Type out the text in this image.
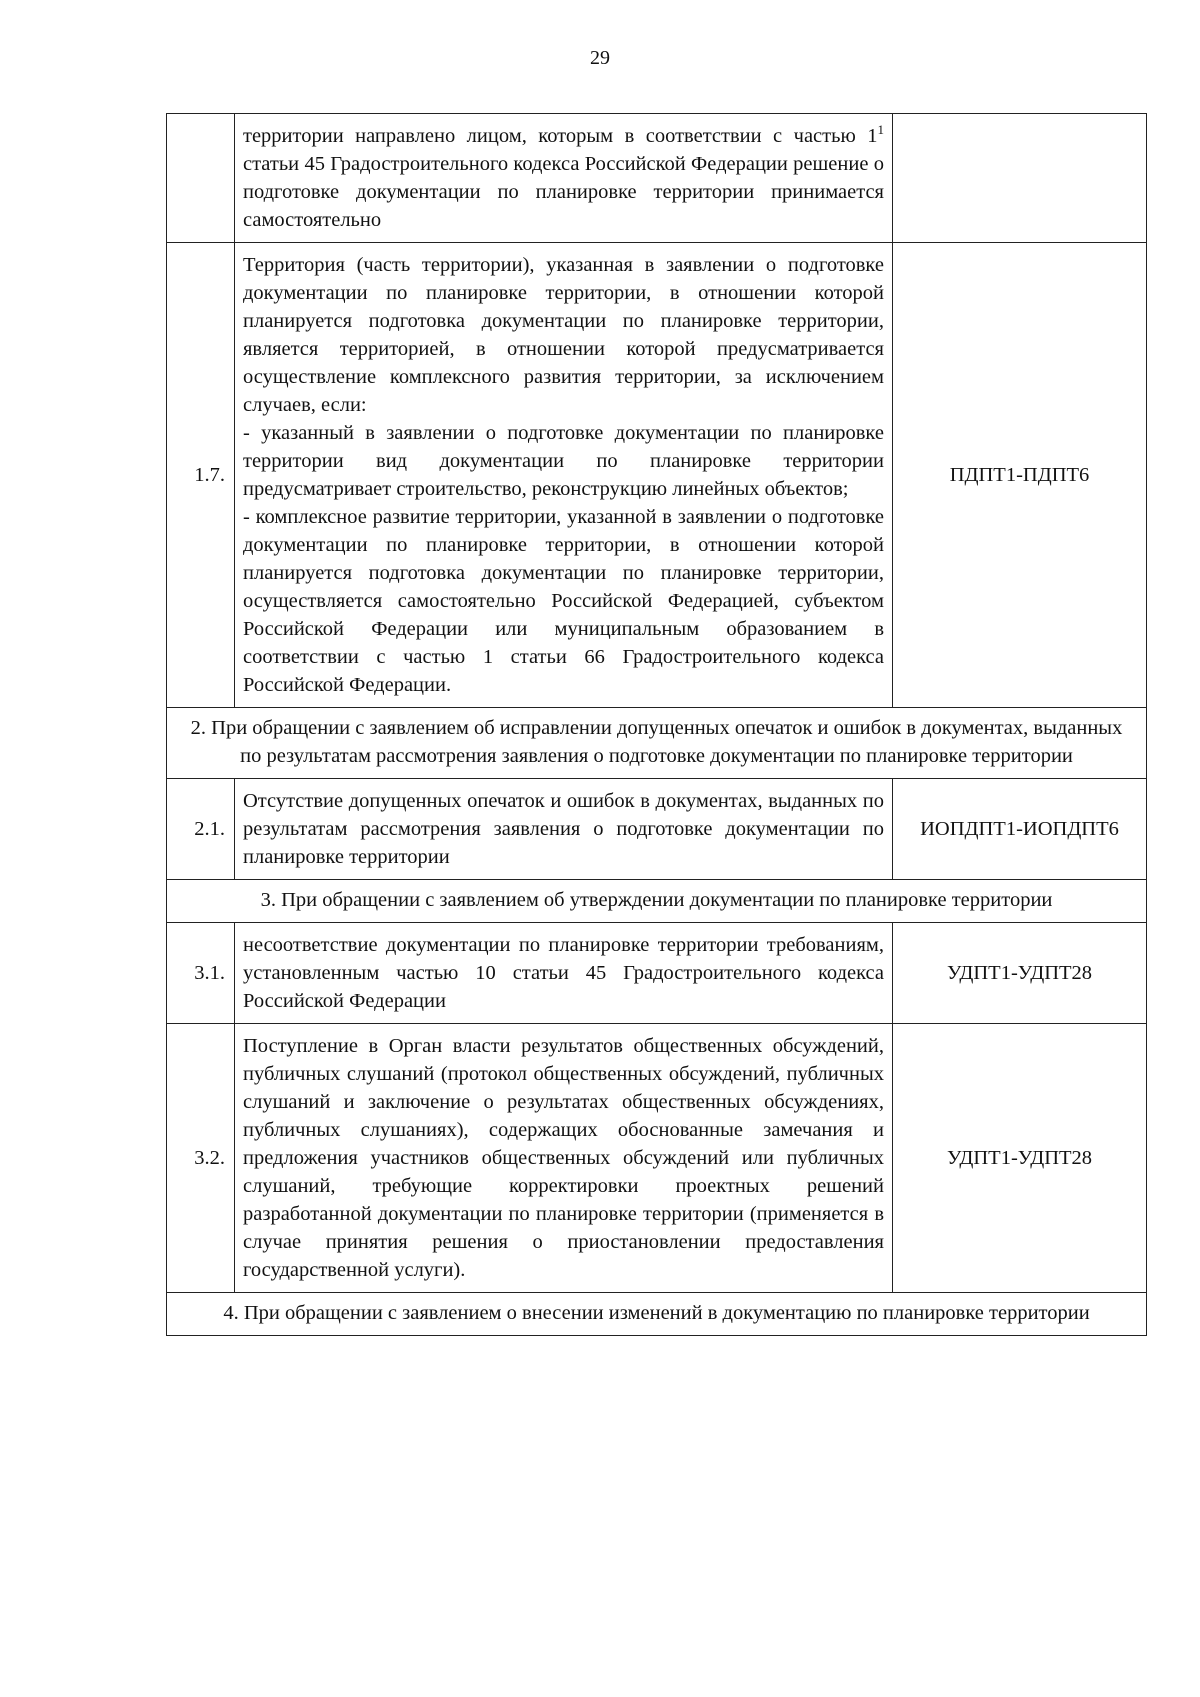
29
	территории направлено лицом, которым в соответствии с частью $1^1$ статьи 45 Градостроительного кодекса Российской Федерации решение о подготовке документации по планировке территории принимается самостоятельно	
1.7.	Территория (часть территории), указанная в заявлении о подготовке документации по планировке территории, в отношении которой планируется подготовка документации по планировке территории, является территорией, в отношении которой предусматривается осуществление комплексного развития территории, за исключением случаев, если:
- указанный в заявлении о подготовке документации по планировке территории вид документации по планировке территории предусматривает строительство, реконструкцию линейных объектов;
- комплексное развитие территории, указанной в заявлении о подготовке документации по планировке территории, в отношении которой планируется подготовка документации по планировке территории, осуществляется самостоятельно Российской Федерацией, субъектом Российской Федерации или муниципальным образованием в соответствии с частью 1 статьи 66 Градостроительного кодекса Российской Федерации.	ПДПТ1-ПДПТ6
2. При обращении с заявлением об исправлении допущенных опечаток и ошибок в документах, выданных по результатам рассмотрения заявления о подготовке документации по планировке территории		
2.1.	Отсутствие допущенных опечаток и ошибок в документах, выданных по результатам рассмотрения заявления о подготовке документации по планировке территории	ИОПДПТ1-ИОПДПТ6
3. При обращении с заявлением об утверждении документации по планировке территории		
3.1.	несоответствие документации по планировке территории требованиям, установленным частью 10 статьи 45 Градостроительного кодекса Российской Федерации	УДПТ1-УДПТ28
3.2.	Поступление в Орган власти результатов общественных обсуждений, публичных слушаний (протокол общественных обсуждений, публичных слушаний и заключение о результатах общественных обсуждениях, публичных слушаниях), содержащих обоснованные замечания и предложения участников общественных обсуждений или публичных слушаний, требующие корректировки проектных решений разработанной документации по планировке территории (применяется в случае принятия решения о приостановлении предоставления государственной услуги).	УДПТ1-УДПТ28
4. При обращении с заявлением о внесении изменений в документацию по планировке территории		
